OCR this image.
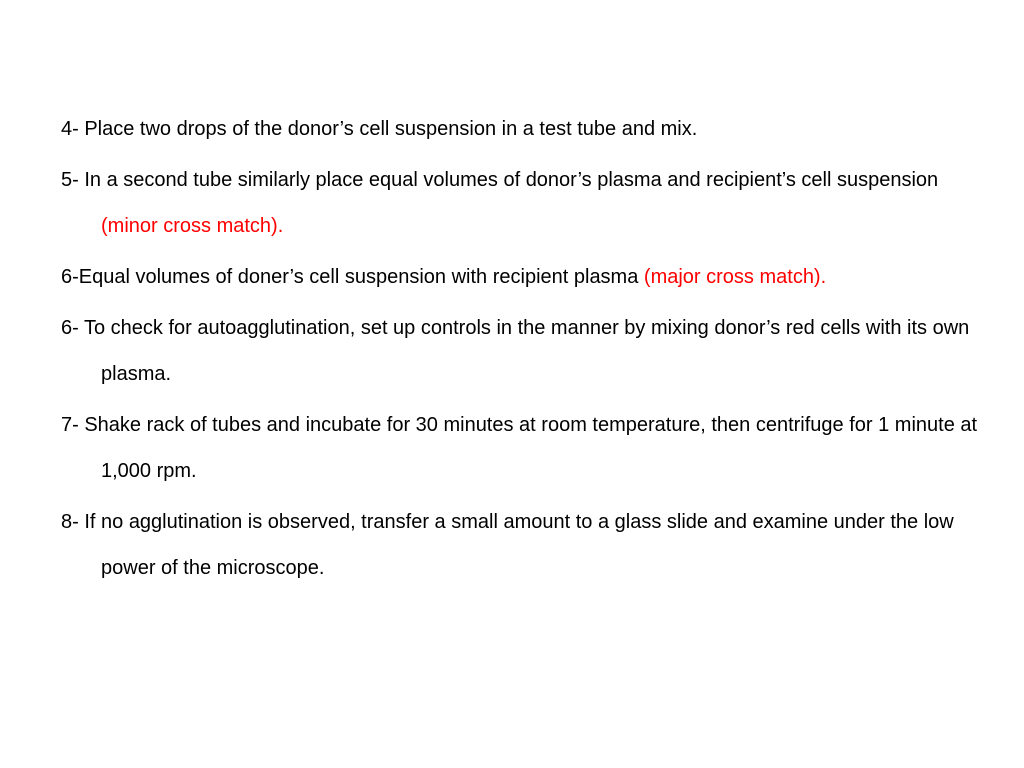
4- Place two drops of the donor’s cell suspension in a test tube and mix.
5- In a second tube similarly place equal volumes of donor’s plasma and recipient’s cell suspension (minor cross match).
6-Equal volumes of doner’s cell suspension with recipient plasma (major cross match).
6- To check for autoagglutination, set up controls in the manner by mixing donor’s red cells with its own plasma.
7- Shake rack of tubes and incubate for 30 minutes at room temperature, then centrifuge for 1 minute at 1,000 rpm.
8- If no agglutination is observed, transfer a small amount to a glass slide and examine under the low power of the microscope.
